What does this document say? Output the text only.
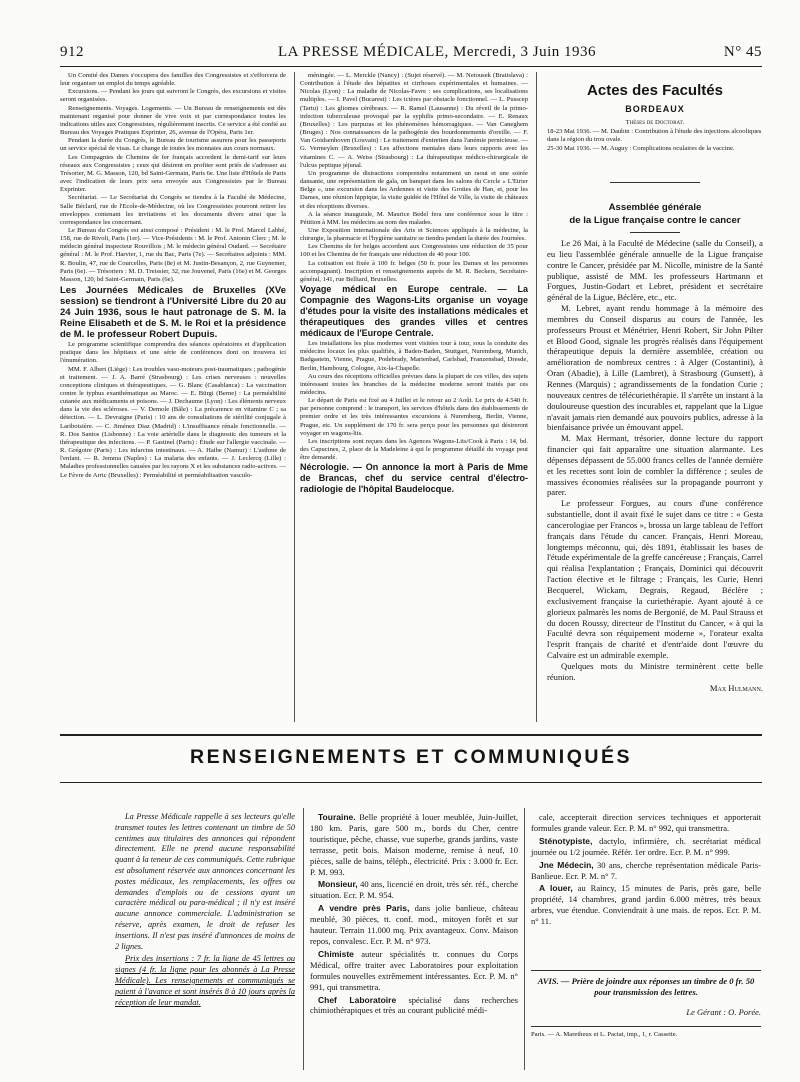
912	LA PRESSE MÉDICALE, Mercredi, 3 Juin 1936	N° 45

Un Comité des Dames s'occupera des familles des Congressistes et s'efforcera de leur organiser un emploi du temps agréable.

Excursions. — Pendant les jours qui suivront le Congrès, des excursions et visites seront organisées.

Renseignements. Voyages. Logements. — Un Bureau de renseignements est dès maintenant organisé pour donner de vive voix et par correspondance toutes les indications utiles aux Congressistes, régulièrement inscrits. Ce service a été confié au Bureau des Voyages Pratiques Exprinter, 26, avenue de l'Opéra, Paris 1er.

Pendant la durée du Congrès, le Bureau de tourisme assurera pour les passeports un service spécial de visas. Le change de toutes les monnaies aux cours normaux.

Les Compagnies de Chemins de fer français accordent le demi-tarif sur leurs réseaux aux Congressistes ; ceux qui désirent en profiter sont priés de s'adresser au Trésorier, M. G. Masson, 120, bd Saint-Germain, Paris 6e. Une liste d'Hôtels de Paris avec l'indication de leurs prix sera envoyée aux Congressistes par le Bureau Exprinter.

Secrétariat. — Le Secrétariat du Congrès se tiendra à la Faculté de Médecine, Salle Béclard, rue de l'Ecole-de-Médecine, où les Congressistes pourront retirer les enveloppes contenant les invitations et les documents divers ainsi que la correspondance les concernant.

Le Bureau du Congrès est ainsi composé : Président : M. le Prof. Marcel Labbé, 158, rue de Rivoli, Paris (1er). — Vice-Présidents : M. le Prof. Antonin Clerc ; M. le médecin général inspecteur Rouvillois ; M. le médecin général Oudard. — Secrétaire général : M. le Prof. Harvier, 1, rue du Bac, Paris (7e). — Secrétaires adjoints : MM. R. Boulin, 47, rue de Courcelles, Paris (8e) et M. Justin-Besançon, 2, rue Guynemer, Paris (6e). — Trésoriers : M. D. Treissier, 32, rue Jouvenel, Paris (16e) et M. Georges Masson, 120, bd Saint-Germain, Paris (6e).

Les Journées Médicales de Bruxelles (XVe session) se tiendront à l'Université Libre du 20 au 24 Juin 1936, sous le haut patronage de S. M. la Reine Elisabeth et de S. M. le Roi et la présidence de M. le professeur Robert Dupuis.

Le programme scientifique comprendra des séances opératoires et d'application pratique dans les hôpitaux et une série de conférences dont on trouvera ici l'énumération.

MM. F. Albert (Liège) : Les troubles vaso-moteurs post-traumatiques ; pathogénie et traitement. — J. A. Barré (Strasbourg) : Les crises nerveuses : nouvelles conceptions cliniques et thérapeutiques. — G. Blanc (Casablanca) : La vaccination contre le typhus exanthématique au Maroc. — E. Bürgi (Berne) : La perméabilité cutanée aux médicaments et poisons. — J. Dechaume (Lyon) : Les éléments nerveux dans la vie des scléroses. — V. Demole (Bâle) : La précarence en vitamine C ; sa détection. — L. Devraigne (Paris) : 10 ans de consultations de stérilité conjugale à Lariboisière. — C. Jiménez Diaz (Madrid) : L'insuffisance rénale fonctionnelle. — R. Dos Santos (Lisbonne) : La voie artérielle dans le diagnostic des tumeurs et la thérapeutique des infections. — P. Gastinel (Paris) : Étude sur l'allergie vaccinale. — R. Grégoire (Paris) : Les infarctus intestinaux. — A. Haibe (Namur) : L'asthme de l'enfant. — R. Jemma (Naples) : La malaria des enfants. — J. Leclercq (Lille) : Maladies professionnelles causées par les rayons X et les substances radio-actives. — Le Fèvre de Arric (Bruxelles) : Perméabilité et perméabilisation vasculo-

méningée. — L. Merckle (Nancy) : (Sujet réservé). — M. Netousek (Bratislava) : Contribution à l'étude des hépatites et cirrhoses expérimentales et humaines. — Nicolas (Lyon) : La maladie de Nicolas-Favre : ses complications, ses localisations multiples. — I. Pavel (Bucarest) : Les ictères par obstacle fonctionnel. — L. Pusscep (Tartu) : Les gliomes cérébraux. — R. Ramel (Lausanne) : Du réveil de la primo-infection tuberculeuse provoqué par la syphilis primo-secondaire. — E. Renaux (Bruxelles) : Les purpuras et les phénomènes hémorragiques. — Van Caneghem (Bruges) : Nos connaissances de la pathogénie des bourdonnements d'oreille. — F. Van Goidsenhoven (Louvain) : Le traitement d'entretien dans l'anémie pernicieuse. — G. Vermeylen (Bruxelles) : Les affections mentales dans leurs rapports avec les vitamines C. — A. Weiss (Strasbourg) : La thérapeutique médico-chirurgicale de l'ulcus peptique jéjunal.

Un programme de distractions comprendra notamment un raout et une soirée dansante, une représentation de gala, un banquet dans les salons du Cercle « L'Etrier Belge », une excursion dans les Ardennes et visite des Grottes de Han, et, pour les Dames, une réunion hippique, la visite guidée de l'Hôtel de Ville, la visite de châteaux et des réceptions diverses.

A la séance inaugurale, M. Maurice Bedel fera une conférence sous le titre : Pétition à MM. les médecins au nom des malades.

Une Exposition internationale des Arts et Sciences appliqués à la médecine, la chirurgie, la pharmacie et l'hygiène sanitaire se tiendra pendant la durée des Journées.

Les Chemins de fer belges accordent aux Congressistes une réduction de 35 pour 100 et les Chemins de fer français une réduction de 40 pour 100.

La cotisation est fixée à 100 fr. belges (50 fr. pour les Dames et les personnes accompagnant). Inscription et renseignements auprès de M. R. Beckers, Secrétaire-général, 141, rue Belliard, Bruxelles.

Voyage médical en Europe centrale. — La Compagnie des Wagons-Lits organise un voyage d'études pour la visite des installations médicales et thérapeutiques des grandes villes et centres médicaux de l'Europe Centrale.

Les installations les plus modernes vont visitées tour à tour, sous la conduite des médecins locaux les plus qualifiés, à Baden-Baden, Stuttgart, Nuremberg, Munich, Badgastein, Vienne, Prague, Podebrady, Marienbad, Carlsbad, Franzensbad, Dresde, Berlin, Hambourg, Cologne, Aix-la-Chapelle.

Au cours des réceptions officielles prévues dans la plupart de ces villes, des sujets intéressant toutes les branches de la médecine moderne seront traités par ces médecins.

Le départ de Paris est fixé au 4 Juillet et le retour au 2 Août. Le prix de 4.540 fr. par personne comprend : le transport, les services d'hôtels dans des établissements de premier ordre et les très intéressantes excursions à Nuremberg, Berlin, Vienne, Prague, etc. Un supplément de 170 fr. sera perçu pour les personnes qui désireront voyager en wagons-lits.

Les inscriptions sont reçues dans les Agences Wagons-Lits/Cook à Paris : 14, bd. des Capucines, 2, place de la Madeleine à qui le programme détaillé du voyage peut être demandé.

Nécrologie. — On annonce la mort à Paris de Mme de Brancas, chef du service central d'électro-radiologie de l'hôpital Baudelocque.

Actes des Facultés
BORDEAUX
Thèses de Doctorat.
18-23 Mai 1936. — M. Daubin : Contribution à l'étude des injections alcooliques dans la région du trou ovale.
25-30 Mai 1936. — M. Auguy : Complications oculaires de la vaccine.
Assemblée générale
de la Ligue française contre le cancer

Le 26 Mai, à la Faculté de Médecine (salle du Conseil), a eu lieu l'assemblée générale annuelle de la Ligue française contre le Cancer, présidée par M. Nicolle, ministre de la Santé publique, assisté de MM. les professeurs Hartmann et Forgues, Justin-Godart et Lebret, président et secrétaire général de la Ligue, Béclère, etc., etc.

M. Lebret, ayant rendu hommage à la mémoire des membres du Conseil disparus au cours de l'année, les professeurs Proust et Ménétrier, Henri Robert, Sir John Pilter et Blood Good, signale les progrès réalisés dans l'équipement thérapeutique depuis la dernière assemblée, création ou amélioration de nombreux centres : à Alger (Costantini), à Oran (Abadie), à Lille (Lambret), à Strasbourg (Gunsett), à Rennes (Marquis) ; agrandissements de la fondation Curie ; nouveaux centres de télécuriethérapie. Il s'arrête un instant à la douloureuse question des incurables et, rappelant que la Ligue n'avait jamais rien demandé aux pouvoirs publics, adresse à la bienfaisance privée un émouvant appel.

M. Max Hermant, trésorier, donne lecture du rapport financier qui fait apparaître une situation alarmante. Les dépenses dépassent de 55.000 francs celles de l'année dernière et les recettes sont loin de combler la différence ; seules de massives économies réalisées sur la propagande pourront y parer.

Le professeur Forgues, au cours d'une conférence substantielle, dont il avait fixé le sujet dans ce titre : « Gesta cancerologiae per Francos », brossa un large tableau de l'effort français dans l'étude du cancer. Français, Henri Moreau, longtemps méconnu, qui, dès 1891, établissait les bases de l'étude expérimentale de la greffe cancéreuse ; Français, Carrel qui réalisa l'explantation ; Français, Dominici qui découvrit l'action élective et le filtrage ; Français, les Curie, Henri Becquerel, Wickam, Degrais, Regaud, Béclère ; exclusivement française la curiethérapie. Ayant ajouté à ce glorieux palmarès les noms de Bergonié, de M. Paul Strauss et du docen Roussy, directeur de l'Institut du Cancer, « à qui la Faculté devra son réquipement moderne », l'orateur exalta l'esprit français de charité et d'entr'aide dont l'œuvre du Calvaire est un admirable exemple.

Quelques mots du Ministre terminèrent cette belle réunion.

Max Hulmann.

RENSEIGNEMENTS ET COMMUNIQUÉS

La Presse Médicale rappelle à ses lecteurs qu'elle transmet toutes les lettres contenant un timbre de 50 centimes aux titulaires des annonces qui répondent directement. Elle ne prend aucune responsabilité quant à la teneur de ces communiqués. Cette rubrique est absolument réservée aux annonces concernant les postes médicaux, les remplacements, les offres ou demandes d'emplois ou de cessions ayant un caractère médical ou para-médical ; il n'y est inséré aucune annonce commerciale. L'administration se réserve, après examen, le droit de refuser les insertions. Il n'est pas inséré d'annonces de moins de 2 lignes.

Prix des insertions : 7 fr. la ligne de 45 lettres ou signes (4 fr. la ligne pour les abonnés à La Presse Médicale). Les renseignements et communiqués se paient à l'avance et sont insérés 8 à 10 jours après la réception de leur mandat.

Touraine. Belle propriété à louer meublée, Juin-Juillet, 180 km. Paris, gare 500 m., bords du Cher, centre touristique, pêche, chasse, vue superbe, grands jardins, vaste terrasse, petit bois. Maison moderne, remise à neuf, 10 pièces, salle de bains, téléph., électricité. Prix : 3.000 fr. Ecr. P. M. 993.

Monsieur, 40 ans, licencié en droit, très sér. réf., cherche situation. Ecr. P. M. 954.

A vendre près Paris, dans jolie banlieue, château meublé, 30 pièces, tt. conf. mod., mitoyen forêt et sur hauteur. Terrain 11.000 mq. Prix avantageux. Conv. Maison repos, convalesc. Ecr. P. M. n° 973.

Chimiste auteur spécialités tr. connues du Corps Médical, offre traiter avec Laboratoires pour exploitation formules nouvelles extrêmement intéressantes. Ecr. P. M. n° 991, qui transmettra.

Chef Laboratoire spécialisé dans recherches chimiothérapiques et très au courant publicité médi-

cale, accepterait direction services techniques et apporterait formules grande valeur. Ecr. P. M. n° 992, qui transmettra.

Sténotypiste, dactylo, infirmière, ch. secrétariat médical journée ou 1/2 journée. Référ. 1er ordre. Ecr. P. M. n° 999.

Jne Médecin, 30 ans, cherche représentation médicale Paris-Banlieue. Ecr. P. M. n° 7.

A louer, au Raincy, 15 minutes de Paris, près gare, belle propriété, 14 chambres, grand jardin 6.000 mètres, très beaux arbres, vue étendue. Conviendrait à une mais. de repos. Ecr. P. M. n° 11.

AVIS. — Prière de joindre aux réponses un timbre de 0 fr. 50 pour transmission des lettres.
Le Gérant : O. Porée.
Paris. — A. Maretheux et L. Pactat, imp., 1, r. Cassette.
